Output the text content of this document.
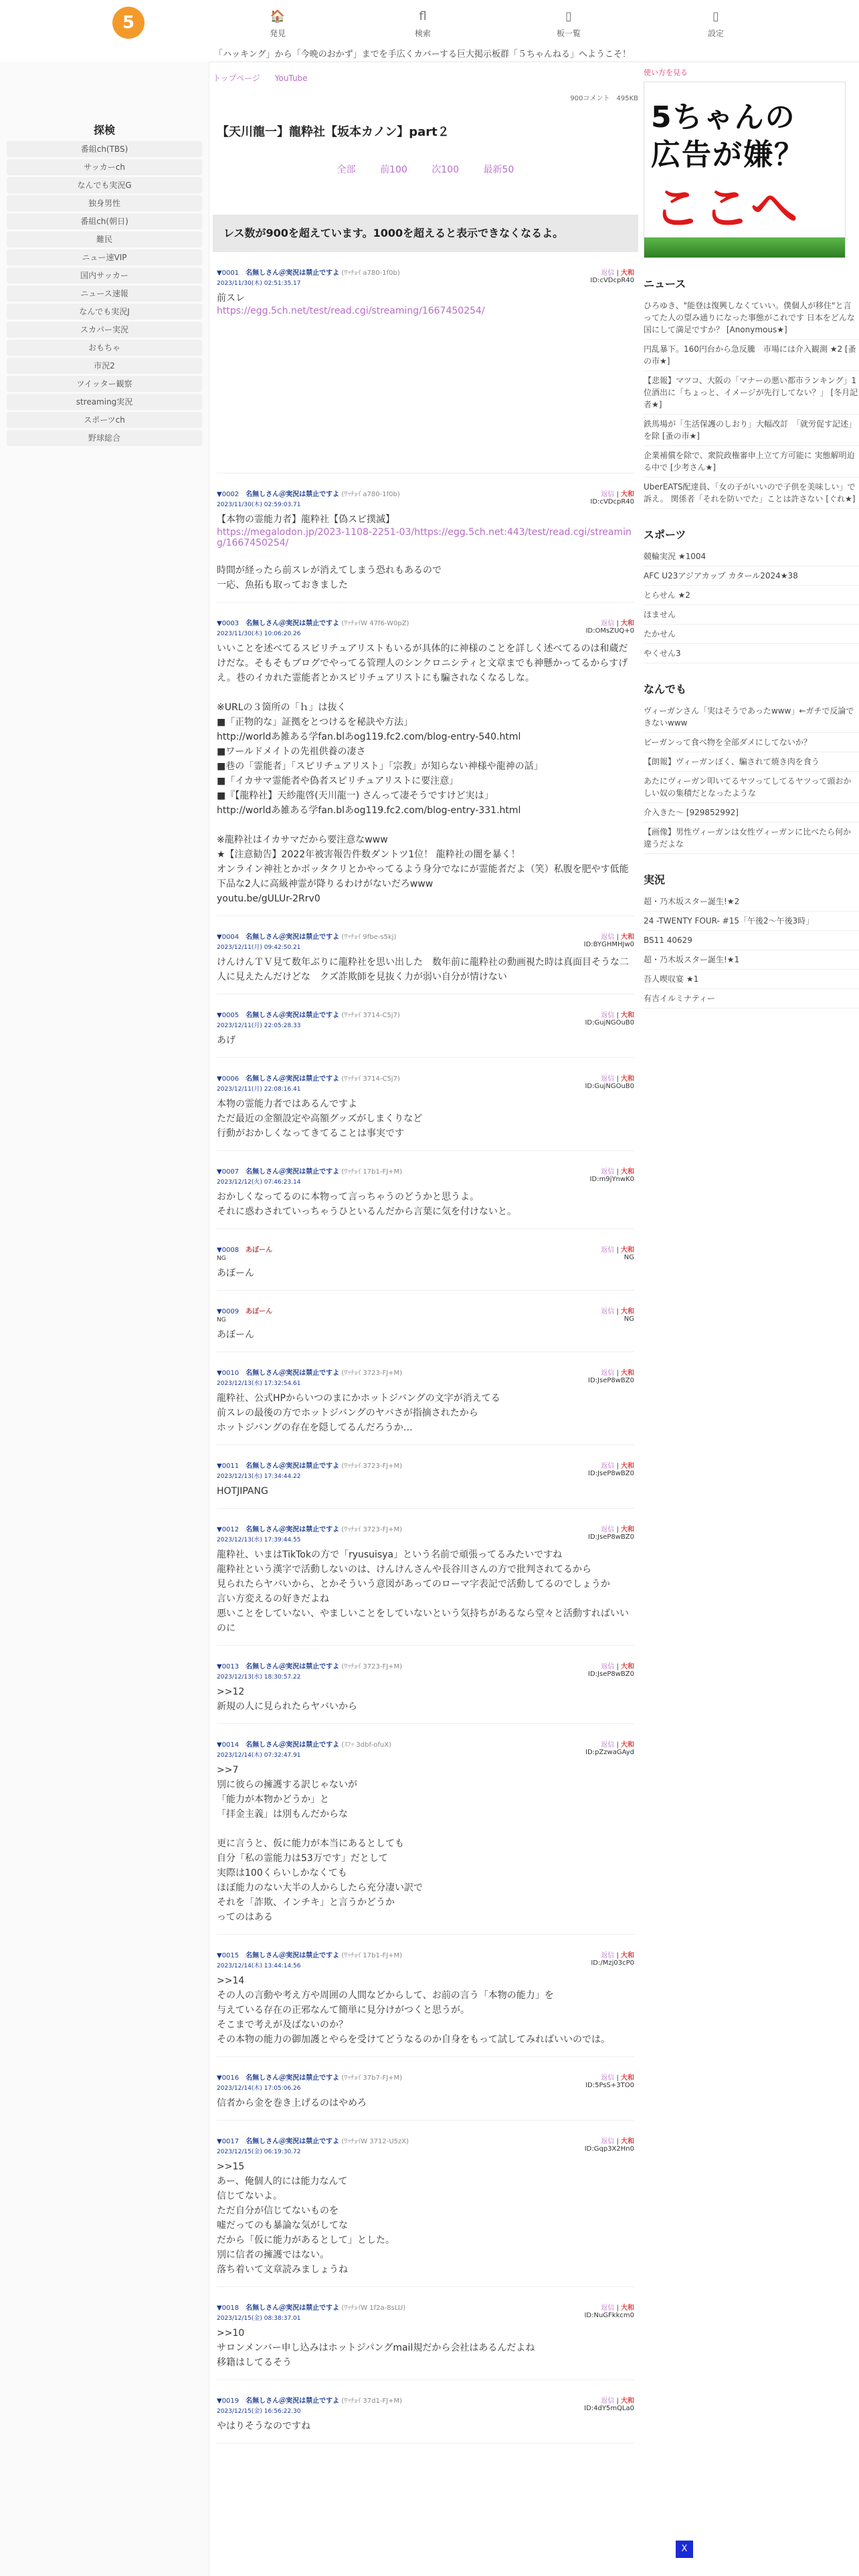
5	🏠
発見
fl
検索
▯
板一覧
▯
設定
「ハッキング」から「今晩のおかず」までを手広くカバーする巨大掲示板群「５ちゃんねる」へようこそ！
探検
番組ch(TBS)
サッカーch
なんでも実況G
独身男性
番組ch(朝日)
難民
ニュー速VIP
国内サッカー
ニュース速報
なんでも実況J
スカパー実況
おもちゃ
市況2
ツイッター観察
streaming実況
スポーツch
野球総合
トップページ YouTube
900コメント　495KB
【天川龍一】龍粋社【坂本カノン】part２
全部	前100	次100	最新50
レス数が900を超えています。1000を超えると表示できなくなるよ。
▼0001　 名無しさん＠実況は禁止ですよ (ﾜｯﾁｮｲ a780-1f0b)
2023/11/30(木) 02:51:35.17
返信 | 大和
ID:cVDcpR40
前スレ
https://egg.5ch.net/test/read.cgi/streaming/1667450254/
▼0002　 名無しさん＠実況は禁止ですよ (ﾜｯﾁｮｲ a780-1f0b)
2023/11/30(木) 02:59:03.71
返信 | 大和
ID:cVDcpR40
【本物の霊能力者】龍粋社【偽スピ撲滅】
https://megalodon.jp/2023-1108-2251-03/https://egg.5ch.net:443/test/read.cgi/streaming/1667450254/
時間が経ったら前スレが消えてしまう恐れもあるので
一応、魚拓も取っておきました
▼0003　 名無しさん＠実況は禁止ですよ (ﾜｯﾁｮｲW 47f6-W0pZ)
2023/11/30(木) 10:06:20.26
返信 | 大和
ID:OMsZUQ+0
いいことを述べてるスピリチュアリストもいるが具体的に神様のことを詳しく述べてるのは和蔵だけだな。そもそもブログでやってる管理人のシンクロニシティと文章までも神懸かってるからすげえ。巷のイカれた霊能者とかスピリチュアリストにも騙されなくなるしな。

※URLの３箇所の「ｈ」は抜く
■「正物的な」証拠をとつけるを秘訣や方法」
http://worldあ雑ある学fan.blあog119.fc2.com/blog-entry-540.html
■ワールドメイトの先祖供養の凄さ
■巷の「霊能者」「スピリチュアリスト」「宗教」が知らない神様や龍神の話」
■「イカサマ霊能者や偽者スピリチュアリストに要注意」
■『【龍粋社】天紗龍啓(天川龍一) さんって凄そうですけど実は」
http://worldあ雑ある学fan.blあog119.fc2.com/blog-entry-331.html

※龍粋社はイカサマだから要注意なwww
★【注意勧告】2022年被害報告件数ダントツ1位！ 龍粋社の闇を暴く！
オンライン神社とかボッタクリとかやってるよう身分でなにが霊能者だよ（笑）私腹を肥やす低能下品な2人に高級神霊が降りるわけがないだろwww
youtu.be/gULUr-2Rrv0
▼0004　 名無しさん＠実況は禁止ですよ (ﾜｯﾁｮｲ 9fbe-s5kj)
2023/12/11(月) 09:42:50.21
返信 | 大和
ID:BYGHMHJw0
けんけんＴＶ見て数年ぶりに龍粋社を思い出した　数年前に龍粋社の動画視た時は真面目そうな二人に見えたんだけどな　クズ詐欺師を見抜く力が弱い自分が情けない
▼0005　 名無しさん＠実況は禁止ですよ (ﾜｯﾁｮｲ 3714-C5j7)
2023/12/11(月) 22:05:28.33
返信 | 大和
ID:GujNGOuB0
あげ
▼0006　 名無しさん＠実況は禁止ですよ (ﾜｯﾁｮｲ 3714-C5j7)
2023/12/11(月) 22:08:16.41
返信 | 大和
ID:GujNGOuB0
本物の霊能力者ではあるんですよ
ただ最近の金額設定や高額グッズがしまくりなど
行動がおかしくなってきてることは事実です
▼0007　 名無しさん＠実況は禁止ですよ (ﾜｯﾁｮｲ 17b1-FJ+M)
2023/12/12(火) 07:46:23.14
返信 | 大和
ID:m9jYnwK0
おかしくなってるのに本物って言っちゃうのどうかと思うよ。
それに惑わされていっちゃうひといるんだから言葉に気を付けないと。
▼0008　 あぼーん
NG
返信 | 大和
NG
あぼーん
▼0009　 あぼーん
NG
返信 | 大和
NG
あぼーん
▼0010　 名無しさん＠実況は禁止ですよ (ﾜｯﾁｮｲ 3723-FJ+M)
2023/12/13(水) 17:32:54.61
返信 | 大和
ID:JseP8wBZ0
龍粋社、公式HPからいつのまにかホットジバングの文字が消えてる
前スレの最後の方でホットジバングのヤバさが指摘されたから
ホットジバングの存在を隠してるんだろうか…
▼0011　 名無しさん＠実況は禁止ですよ (ﾜｯﾁｮｲ 3723-FJ+M)
2023/12/13(水) 17:34:44.22
返信 | 大和
ID:JseP8wBZ0
HOTJIPANG
▼0012　 名無しさん＠実況は禁止ですよ (ﾜｯﾁｮｲ 3723-FJ+M)
2023/12/13(水) 17:39:44.55
返信 | 大和
ID:JseP8wBZ0
龍粋社、いまはTikTokの方で「ryusuisya」という名前で頑張ってるみたいですね
龍粋社という漢字で活動しないのは、けんけんさんや長谷川さんの方で批判されてるから
見られたらヤバいから、とかそういう意図があってのローマ字表記で活動してるのでしょうか
言い方変えるの好きだよね
悪いことをしていない、やましいことをしていないという気持ちがあるなら堂々と活動すればいいのに
▼0013　 名無しさん＠実況は禁止ですよ (ﾜｯﾁｮｲ 3723-FJ+M)
2023/12/13(水) 18:30:57.22
返信 | 大和
ID:JseP8wBZ0
>>12
新規の人に見られたらヤバいから
▼0014　 名無しさん＠実況は禁止ですよ (ｽﾌｯ 3dbf-ofuX)
2023/12/14(木) 07:32:47.91
返信 | 大和
ID:pZzwaGAyd
>>7
別に彼らの擁護する訳じゃないが
「能力が本物かどうか」と
「拝金主義」は別もんだからな

更に言うと、仮に能力が本当にあるとしても
自分「私の霊能力は53万です」だとして
実際は100くらいしかなくても
ほぼ能力のない大半の人からしたら充分凄い訳で
それを「詐欺、インチキ」と言うかどうか
ってのはある
▼0015　 名無しさん＠実況は禁止ですよ (ﾜｯﾁｮｲ 17b1-FJ+M)
2023/12/14(木) 13:44:14.56
返信 | 大和
ID:/Mzj03cP0
>>14
その人の言動や考え方や周囲の人間などからして、お前の言う「本物の能力」を
与えている存在の正邪なんて簡単に見分けがつくと思うが。
そこまで考えが及ばないのか？
その本物の能力の御加護とやらを受けてどうなるのか自身をもって試してみればいいのでは。
▼0016　 名無しさん＠実況は禁止ですよ (ﾜｯﾁｮｲ 37b7-FJ+M)
2023/12/14(木) 17:05:06.26
返信 | 大和
ID:5PsS+3TO0
信者から金を巻き上げるのはやめろ
▼0017　 名無しさん＠実況は禁止ですよ (ﾜｯﾁｮｲW 3712-U5zX)
2023/12/15(金) 06:19:30.72
返信 | 大和
ID:Gqp3X2Hn0
>>15
あー、俺個人的には能力なんて
信じてないよ。
ただ自分が信じてないものを
嘘だってのも暴論な気がしてな
だから「仮に能力があるとして」とした。
別に信者の擁護ではない。
落ち着いて文章読みましょうね
▼0018　 名無しさん＠実況は禁止ですよ (ﾜｯﾁｮｲW 1f2a-8sLU)
2023/12/15(金) 08:38:37.01
返信 | 大和
ID:NuGFkkcm0
>>10
サロンメンバー申し込みはホットジパングmail規だから会社はあるんだよね
移籍はしてるそう
▼0019　 名無しさん＠実況は禁止ですよ (ﾜｯﾁｮｲ 37d1-FJ+M)
2023/12/15(金) 16:56:22.30
返信 | 大和
ID:4dY5mQLa0
やはりそうなのですね
使い方を見る
5ちゃんの
広告が嫌？
ここへ
ニュース
ひろゆき、"能登は復興しなくていい。僕個人が移住"と言ってた人の望み通りになった事態がこれです 日本をどんな国にして満足ですか？ [Anonymous★]
円乱暴下。160円台から急反騰　市場には介入観測 ★2 [蚤の市★]
【悲報】マツコ、大阪の「マナーの悪い都市ランキング」1位酒出に「ちょっと、イメージが先行してない？」 [冬月記者★]
鉄馬場が「生活保護のしおり」大幅改訂　「就労促す記述」を除 [蚤の市★]
企業補償を除で、衆院政権審申上立て方可能に 実態解明迫る中で [少考さん★]
UberEATS配達員、「女の子がいいので子供を美味しい」で訴え。 関係者「それを防いでた」ことは許さない [ぐれ★]
スポーツ
競輪実況 ★1004
AFC U23アジアカップ カタール2024★38
とらせん ★2
ほません
たかせん
やくせん3
なんでも
ヴィーガンさん「実はそうであったwww」←ガチで反論できないwww
ビーガンって食べ物を全部ダメにしてないか？
【朗報】ヴィーガンぼく、騙されて焼き肉を食う
あたにヴィーガン叩いてるヤツってしてるヤツって頭おかしい奴の集積だとなったような
介入きた～ [929852992]
【画像】男性ヴィーガンは女性ヴィーガンに比べたら何か違うだよな
実況
超・乃木坂スター誕生!★2
24 -TWENTY FOUR- #15「午後2〜午後3時」
BS11 40629
超・乃木坂スター誕生!★1
吾人喫収宴 ★1
有吉イルミナティー
X
